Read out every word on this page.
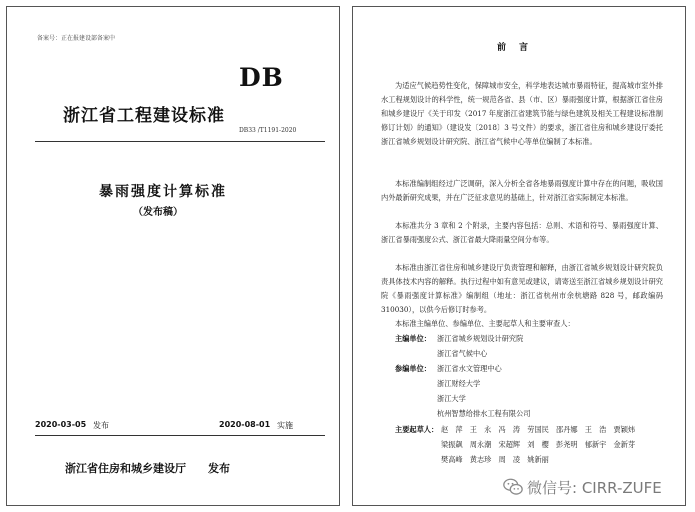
备案号：正在报建设部备案中
DB
浙江省工程建设标准
DB33 /T1191-2020
暴雨强度计算标准
（发布稿）
2020-03-05 发布	2020-08-01 实施
浙江省住房和城乡建设厅　　发布
前　言
为适应气候趋势性变化，保障城市安全，科学地表达城市暴雨特征，提高城市室外排水工程规划设计的科学性，统一规范各省、县（市、区）暴雨强度计算，根据浙江省住房和城乡建设厅《关于印发（2017 年度浙江省建筑节能与绿色建筑及相关工程建设标准制修订计划）的通知》（建设发〔2018〕3 号文件）的要求，浙江省住房和城乡建设厅委托浙江省城乡规划设计研究院、浙江省气候中心等单位编制了本标准。
本标准编制组经过广泛调研，深入分析全省各地暴雨强度计算中存在的问题，吸收国内外最新研究成果，并在广泛征求意见的基础上，针对浙江省实际制定本标准。
本标准共分 3 章和 2 个附录，主要内容包括：总则、术语和符号、暴雨强度计算、浙江省暴雨强度公式、浙江省最大降雨量空间分布等。
本标准由浙江省住房和城乡建设厅负责管理和解释，由浙江省城乡规划设计研究院负责具体技术内容的解释。执行过程中如有意见或建议，请寄送至浙江省城乡规划设计研究院《暴雨强度计算标准》编制组（地址：浙江省杭州市余杭塘路 828 号，邮政编码 310030），以供今后修订时参考。
本标准主编单位、参编单位、主要起草人和主要审查人：
主编单位： 浙江省城乡规划设计研究院
浙江省气候中心
参编单位： 浙江省水文管理中心
浙江财经大学
浙江大学
杭州智慧给排水工程有限公司
主要起草人： 赵　萍　王　永　冯　涛　劳国民　邵丹娜　王　浩　贾颖炜
梁振飙　周永潮　宋超辉　刘　樱　彭尧明　郁新宇　金新芽
樊高峰　黄志珍　周　凌　姚新丽
微信号: CIRR-ZUFE
